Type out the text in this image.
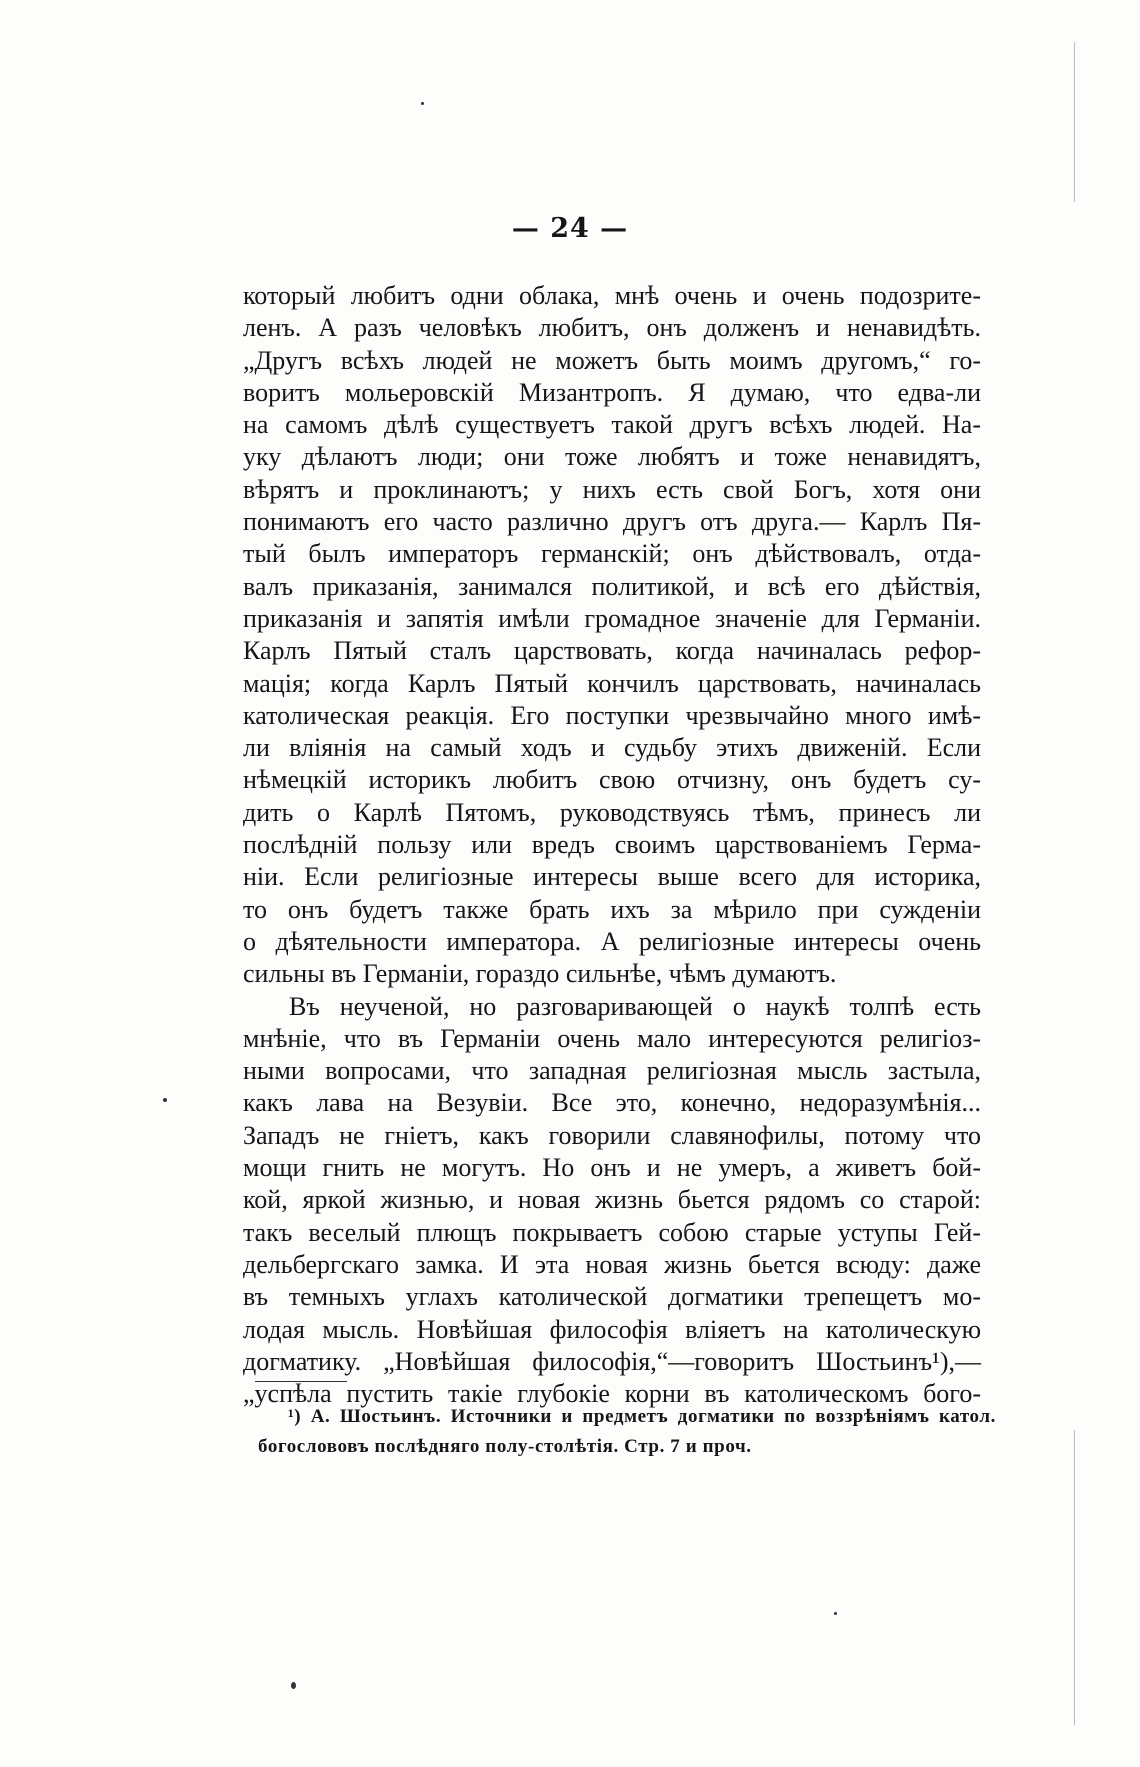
— 24 —
который любитъ одни облака, мнѣ очень и очень подозрите-
ленъ. А разъ человѣкъ любитъ, онъ долженъ и ненавидѣть.
„Другъ всѣхъ людей не можетъ быть моимъ другомъ,“ го-
воритъ мольеровскій Мизантропъ. Я думаю, что едва-ли
на самомъ дѣлѣ существуетъ такой другъ всѣхъ людей. На-
уку дѣлаютъ люди; они тоже любятъ и тоже ненавидятъ,
вѣрятъ и проклинаютъ; у нихъ есть свой Богъ, хотя они
понимаютъ его часто различно другъ отъ друга.— Карлъ Пя-
тый былъ императоръ германскій; онъ дѣйствовалъ, отда-
валъ приказанія, занимался политикой, и всѣ его дѣйствія,
приказанія и запятія имѣли громадное значеніе для Германіи.
Карлъ Пятый сталъ царствовать, когда начиналась рефор-
мація; когда Карлъ Пятый кончилъ царствовать, начиналась
католическая реакція. Его поступки чрезвычайно много имѣ-
ли вліянія на самый ходъ и судьбу этихъ движеній. Если
нѣмецкій историкъ любитъ свою отчизну, онъ будетъ су-
дить о Карлѣ Пятомъ, руководствуясь тѣмъ, принесъ ли
послѣдній пользу или вредъ своимъ царствованіемъ Герма-
ніи. Если религіозные интересы выше всего для историка,
то онъ будетъ также брать ихъ за мѣрило при сужденіи
о дѣятельности императора. А религіозные интересы очень
сильны въ Германіи, гораздо сильнѣе, чѣмъ думаютъ.
Въ неученой, но разговаривающей о наукѣ толпѣ есть
мнѣніе, что въ Германіи очень мало интересуются религіоз-
ными вопросами, что западная религіозная мысль застыла,
какъ лава на Везувіи. Все это, конечно, недоразумѣнія...
Западъ не гніетъ, какъ говорили славянофилы, потому что
мощи гнить не могутъ. Но онъ и не умеръ, а живетъ бой-
кой, яркой жизнью, и новая жизнь бьется рядомъ со старой:
такъ веселый плющъ покрываетъ собою старые уступы Гей-
дельбергскаго замка. И эта новая жизнь бьется всюду: даже
въ темныхъ углахъ католической догматики трепещетъ мо-
лодая мысль. Новѣйшая философія вліяетъ на католическую
догматику. „Новѣйшая философія,“—говоритъ Шостьинъ¹),—
„успѣла пустить такіе глубокіе корни въ католическомъ бого-
¹) А. Шостьинъ. Источники и предметъ догматики по воззрѣніямъ катол.
богослововъ послѣдняго полу-столѣтія. Стр. 7 и проч.
